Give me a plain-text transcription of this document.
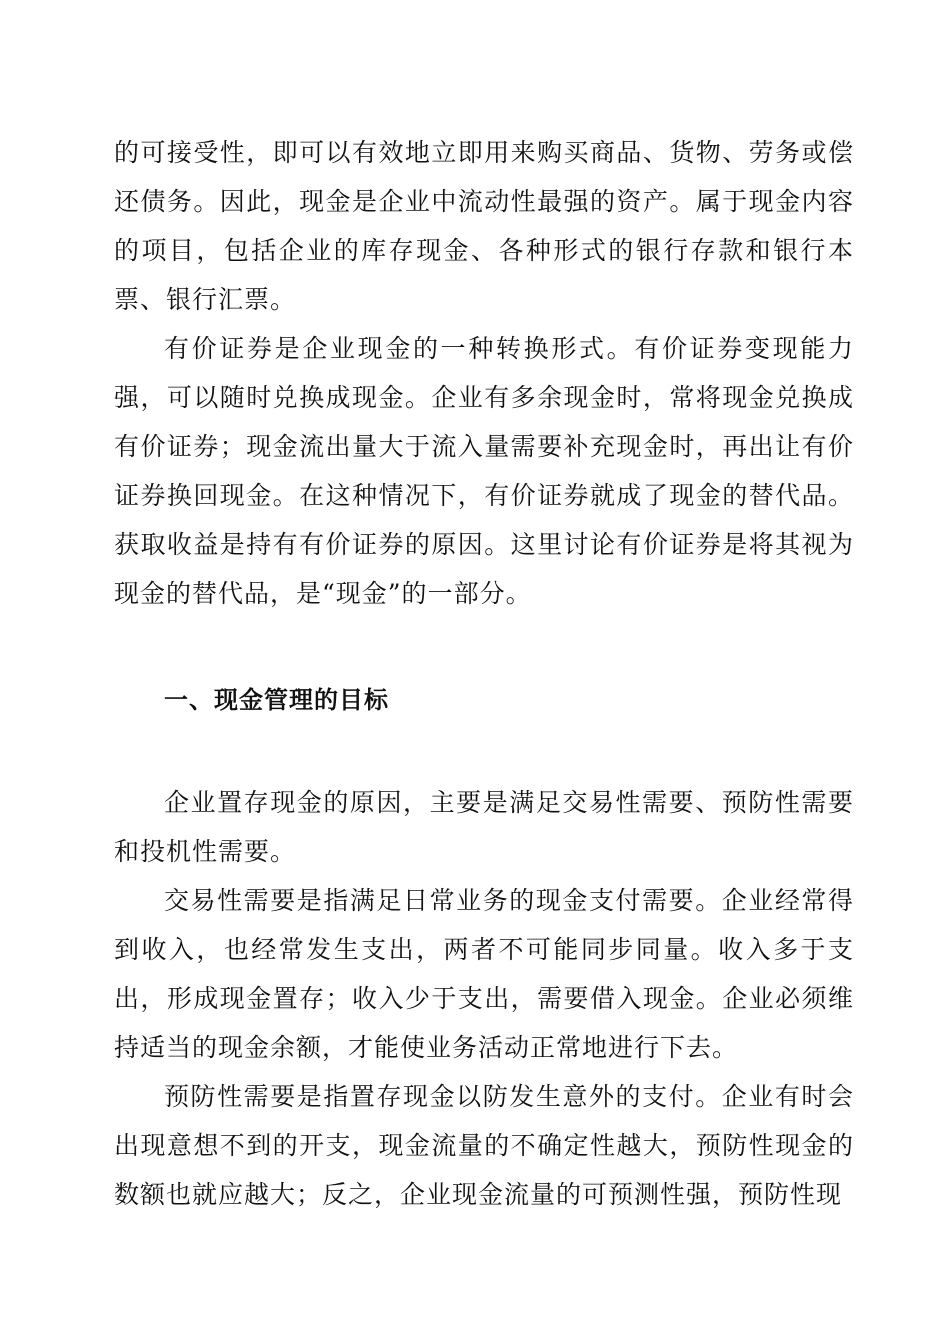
的可接受性，即可以有效地立即用来购买商品、货物、劳务或偿还债务。因此，现金是企业中流动性最强的资产。属于现金内容的项目，包括企业的库存现金、各种形式的银行存款和银行本票、银行汇票。

有价证券是企业现金的一种转换形式。有价证券变现能力强，可以随时兑换成现金。企业有多余现金时，常将现金兑换成有价证券；现金流出量大于流入量需要补充现金时，再出让有价证券换回现金。在这种情况下，有价证券就成了现金的替代品。获取收益是持有有价证券的原因。这里讨论有价证券是将其视为现金的替代品，是“现金”的一部分。

一、现金管理的目标

企业置存现金的原因，主要是满足交易性需要、预防性需要和投机性需要。

交易性需要是指满足日常业务的现金支付需要。企业经常得到收入，也经常发生支出，两者不可能同步同量。收入多于支出，形成现金置存；收入少于支出，需要借入现金。企业必须维持适当的现金余额，才能使业务活动正常地进行下去。

预防性需要是指置存现金以防发生意外的支付。企业有时会出现意想不到的开支，现金流量的不确定性越大，预防性现金的数额也就应越大；反之，企业现金流量的可预测性强，预防性现
